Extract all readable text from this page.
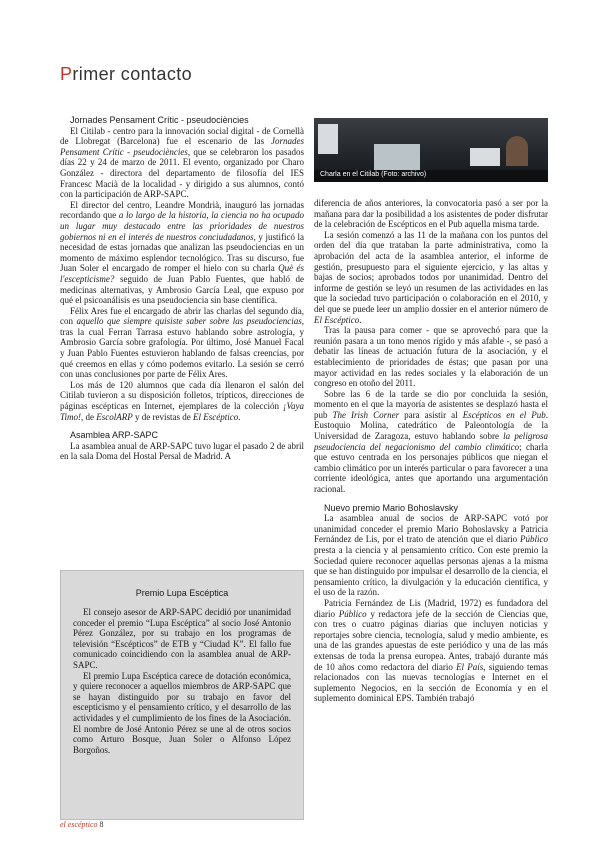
Primer contacto
Jornades Pensament Crític - pseudociències

El Citilab - centro para la innovación social digital - de Cornellà de Llobregat (Barcelona) fue el escenario de las Jornades Pensament Crític - pseudociències, que se celebraron los pasados días 22 y 24 de marzo de 2011. El evento, organizado por Charo González - directora del departamento de filosofía del IES Francesc Macià de la localidad - y dirigido a sus alumnos, contó con la participación de ARP-SAPC.

El director del centro, Leandre Mondrià, inauguró las jornadas recordando que a lo largo de la historia, la ciencia no ha ocupado un lugar muy destacado entre las prioridades de nuestros gobiernos ni en el interés de nuestros conciudadanos, y justificó la necesidad de estas jornadas que analizan las pseudociencias en un momento de máximo esplendor tecnológico. Tras su discurso, fue Juan Soler el encargado de romper el hielo con su charla Què és l'escepticisme? seguido de Juan Pablo Fuentes, que habló de medicinas alternativas, y Ambrosio García Leal, que expuso por qué el psicoanálisis es una pseudociencia sin base científica.

Félix Ares fue el encargado de abrir las charlas del segundo día, con aquello que siempre quisiste saber sobre las pseudociencias, tras la cual Ferran Tarrasa estuvo hablando sobre astrología, y Ambrosio García sobre grafología. Por último, José Manuel Facal y Juan Pablo Fuentes estuvieron hablando de falsas creencias, por qué creemos en ellas y cómo podemos evitarlo. La sesión se cerró con unas conclusiones por parte de Félix Ares.

Los más de 120 alumnos que cada día llenaron el salón del Citilab tuvieron a su disposición folletos, trípticos, direcciones de páginas escépticas en Internet, ejemplares de la colección ¡Vaya Timo!, de EscolARP y de revistas de El Escéptico.

Asamblea ARP-SAPC

La asamblea anual de ARP-SAPC tuvo lugar el pasado 2 de abril en la sala Doma del Hostal Persal de Madrid. A

Charla en el Citilab (Foto: archivo)

diferencia de años anteriores, la convocatoria pasó a ser por la mañana para dar la posibilidad a los asistentes de poder disfrutar de la celebración de Escépticos en el Pub aquella misma tarde.

La sesión comenzó a las 11 de la mañana con los puntos del orden del día que trataban la parte administrativa, como la aprobación del acta de la asamblea anterior, el informe de gestión, presupuesto para el siguiente ejercicio, y las altas y bajas de socios; aprobados todos por unanimidad. Dentro del informe de gestión se leyó un resumen de las actividades en las que la sociedad tuvo participación o colaboración en el 2010, y del que se puede leer un amplio dossier en el anterior número de El Escéptico.

Tras la pausa para comer - que se aprovechó para que la reunión pasara a un tono menos rígido y más afable -, se pasó a debatir las líneas de actuación futura de la asociación, y el establecimiento de prioridades de éstas; que pasan por una mayor actividad en las redes sociales y la elaboración de un congreso en otoño del 2011.

Sobre las 6 de la tarde se dio por concluida la sesión, momento en el que la mayoría de asistentes se desplazó hasta el pub The Irish Corner para asistir al Escépticos en el Pub. Eustoquio Molina, catedrático de Paleontología de la Universidad de Zaragoza, estuvo hablando sobre la peligrosa pseudociencia del negacionismo del cambio climático; charla que estuvo centrada en los personajes públicos que niegan el cambio climático por un interés particular o para favorecer a una corriente ideológica, antes que aportando una argumentación racional.

Nuevo premio Mario Bohoslavsky

La asamblea anual de socios de ARP-SAPC votó por unanimidad conceder el premio Mario Bohoslavsky a Patricia Fernández de Lis, por el trato de atención que el diario Público presta a la ciencia y al pensamiento crítico. Con este premio la Sociedad quiere reconocer aquellas personas ajenas a la misma que se han distinguido por impulsar el desarrollo de la ciencia, el pensamiento crítico, la divulgación y la educación científica, y el uso de la razón.

Patricia Fernández de Lis (Madrid, 1972) es fundadora del diario Público y redactora jefe de la sección de Ciencias que, con tres o cuatro páginas diarias que incluyen noticias y reportajes sobre ciencia, tecnología, salud y medio ambiente, es una de las grandes apuestas de este periódico y una de las más extensas de toda la prensa europea. Antes, trabajó durante más de 10 años como redactora del diario El País, siguiendo temas relacionados con las nuevas tecnologías e Internet en el suplemento Negocios, en la sección de Economía y en el suplemento dominical EPS. También trabajó

Premio Lupa Escéptica

El consejo asesor de ARP-SAPC decidió por unanimidad conceder el premio “Lupa Escéptica” al socio José Antonio Pérez González, por su trabajo en los programas de televisión “Escépticos” de ETB y “Ciudad K”. El fallo fue comunicado coincidiendo con la asamblea anual de ARP-SAPC.

El premio Lupa Escéptica carece de dotación económica, y quiere reconocer a aquellos miembros de ARP-SAPC que se hayan distinguido por su trabajo en favor del escepticismo y el pensamiento crítico, y el desarrollo de las actividades y el cumplimiento de los fines de la Asociación. El nombre de José Antonio Pérez se une al de otros socios como Arturo Bosque, Juan Soler o Alfonso López Borgoños.

el escéptico 8
